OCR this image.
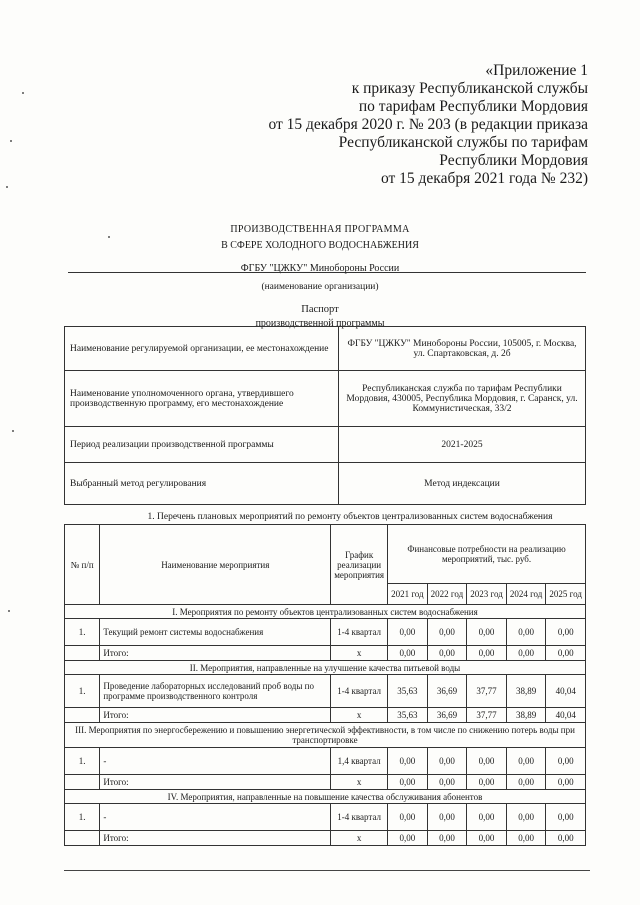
«Приложение 1
к приказу Республиканской службы
по тарифам Республики Мордовия
от 15 декабря 2020 г. № 203 (в редакции приказа
Республиканской службы по тарифам
Республики Мордовия
от 15 декабря 2021 года № 232)
ПРОИЗВОДСТВЕННАЯ ПРОГРАММА
В СФЕРЕ ХОЛОДНОГО ВОДОСНАБЖЕНИЯ
ФГБУ "ЦЖКУ" Минобороны России
(наименование организации)
Паспорт
производственной программы
Наименование регулируемой организации, ее местонахождение	ФГБУ "ЦЖКУ" Минобороны России, 105005, г. Москва, ул. Спартаковская, д. 2б
Наименование уполномоченного органа, утвердившего производственную программу, его местонахождение	Республиканская служба по тарифам Республики Мордовия, 430005, Республика Мордовия, г. Саранск, ул. Коммунистическая, 33/2
Период реализации производственной программы	2021-2025
Выбранный метод регулирования	Метод индексации
1. Перечень плановых мероприятий по ремонту объектов централизованных систем водоснабжения
№ п/п	Наименование мероприятия	График реализации мероприятия	Финансовые потребности на реализацию мероприятий, тыс. руб.				
			2021 год	2022 год	2023 год	2024 год	2025 год
I. Мероприятия по ремонту объектов централизованных систем водоснабжения							
1.	Текущий ремонт системы водоснабжения	1-4 квартал	0,00	0,00	0,00	0,00	0,00
	Итого:	х	0,00	0,00	0,00	0,00	0,00
II. Мероприятия, направленные на улучшение качества питьевой воды							
1.	Проведение лабораторных исследований проб воды по программе производственного контроля	1-4 квартал	35,63	36,69	37,77	38,89	40,04
	Итого:	х	35,63	36,69	37,77	38,89	40,04
III. Мероприятия по энергосбережению и повышению энергетической эффективности, в том числе по снижению потерь воды при транспортировке							
1.	-	1,4 квартал	0,00	0,00	0,00	0,00	0,00
	Итого:	х	0,00	0,00	0,00	0,00	0,00
IV. Мероприятия, направленные на повышение качества обслуживания абонентов							
1.	-	1-4 квартал	0,00	0,00	0,00	0,00	0,00
	Итого:	х	0,00	0,00	0,00	0,00	0,00
